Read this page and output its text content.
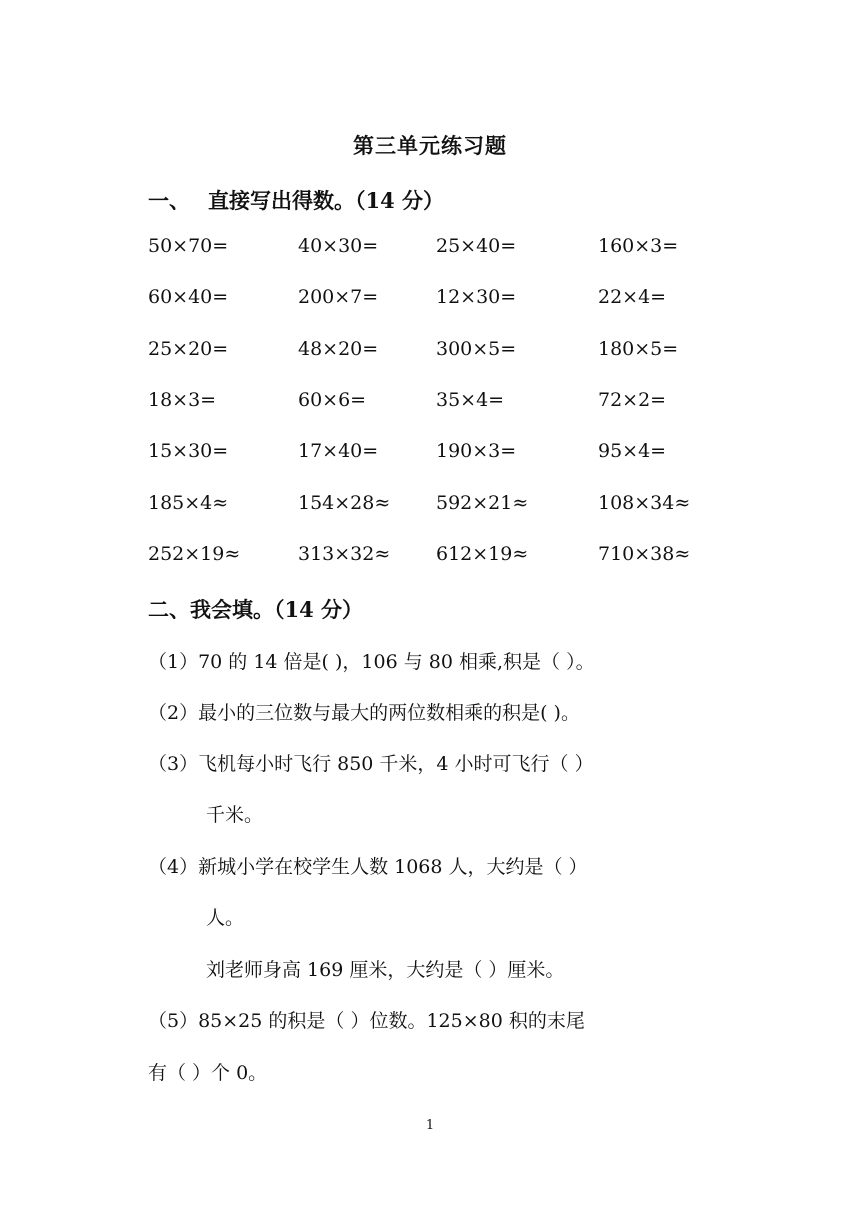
第三单元练习题
一、 直接写出得数。（14 分）
50×70=	40×30=	25×40=	160×3=
60×40=	200×7=	12×30=	22×4=
25×20=	48×20=	300×5=	180×5=
18×3=	60×6=	35×4=	72×2=
15×30=	17×40=	190×3=	95×4=
185×4≈	154×28≈ 592×21≈	108×34≈
252×19≈	313×32≈ 612×19≈	710×38≈
二、我会填。（14 分）
（1）70 的 14 倍是( )，106 与 80 相乘,积是（ ）。
（2）最小的三位数与最大的两位数相乘的积是( )。
（3）飞机每小时飞行 850 千米，4 小时可飞行（ ）
千米。
（4）新城小学在校学生人数 1068 人，大约是（ ）
人。
刘老师身高 169 厘米，大约是（ ）厘米。
（5）85×25 的积是（ ）位数。125×80 积的末尾
有（ ）个 0。
1
